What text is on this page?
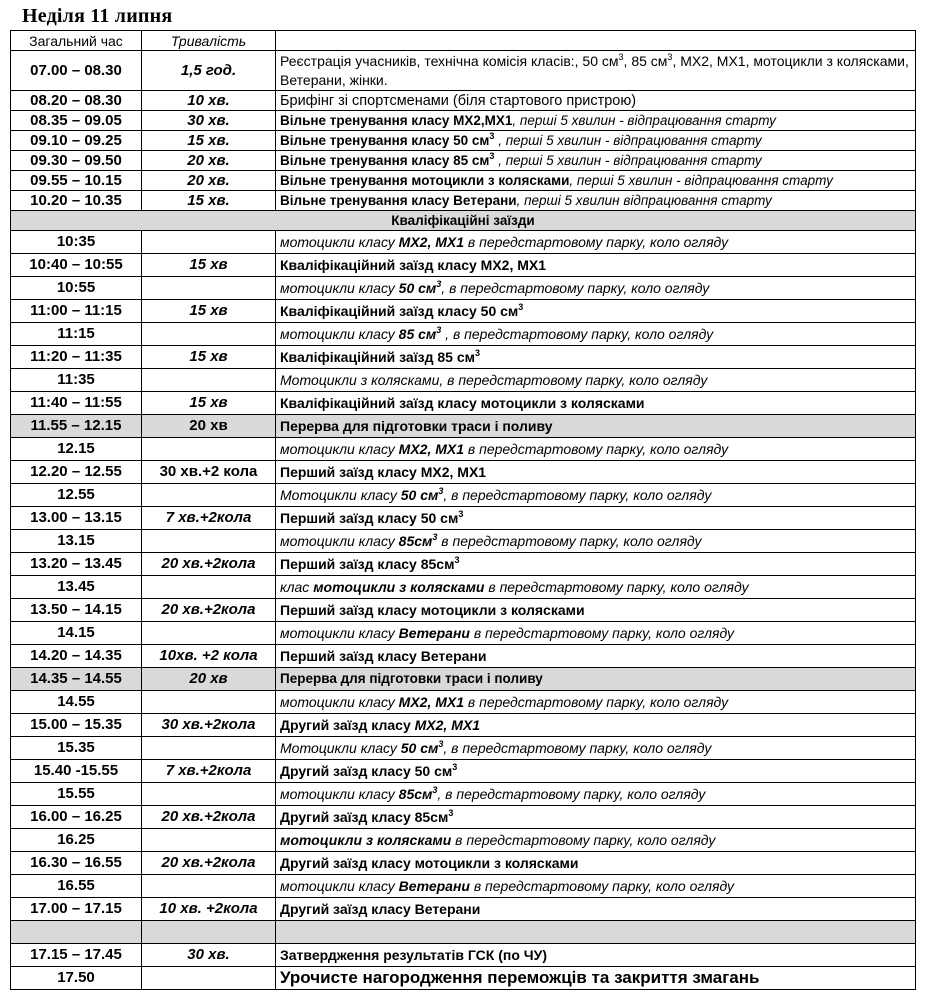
Неділя 11 липня
Загальний час	Тривалість	
07.00 – 08.30	1,5 год.	Реєстрація учасників, технічна комісія класів:, 50 $см^3$, 85 $см^3$, MX2, MX1, мотоцикли з колясками, Ветерани, жінки.
08.20 – 08.30	10 хв.	Брифінг зі спортсменами (біля стартового пристрою)
08.35 – 09.05	30 хв.	Вільне тренування класу МХ2,МХ1, перші 5 хвилин - відпрацювання старту
09.10 – 09.25	15 хв.	Вільне тренування класу 50 $см^3$ , перші 5 хвилин - відпрацювання старту
09.30 – 09.50	20 хв.	Вільне тренування класу 85 $см^3$ , перші 5 хвилин - відпрацювання старту
09.55 – 10.15	20 хв.	Вільне тренування мотоцикли з колясками, перші 5 хвилин - відпрацювання старту
10.20 – 10.35	15 хв.	Вільне тренування класу Ветерани, перші 5 хвилин відпрацювання старту
Кваліфікаційні заїзди		
10:35		мотоцикли класу MX2, MX1 в передстартовому парку, коло огляду
10:40 – 10:55	15 хв	Кваліфікаційний заїзд класу МХ2, МХ1
10:55		мотоцикли класу 50 $см^3$, в передстартовому парку, коло огляду
11:00 – 11:15	15 хв	Кваліфікаційний заїзд класу 50 $см^3$
11:15		мотоцикли класу 85 $см^3$ , в передстартовому парку, коло огляду
11:20 – 11:35	15 хв	Кваліфікаційний заїзд 85 $см^3$
11:35		Мотоцикли з колясками, в передстартовому парку, коло огляду
11:40 – 11:55	15 хв	Кваліфікаційний заїзд класу мотоцикли з колясками
11.55 – 12.15	20 хв	Перерва для підготовки траси і поливу
12.15		мотоцикли класу MX2, MX1 в передстартовому парку, коло огляду
12.20 – 12.55	30 хв.+2 кола	Перший заїзд класу МХ2, МХ1
12.55		Мотоцикли класу 50 $см^3$, в передстартовому парку, коло огляду
13.00 – 13.15	7 хв.+2кола	Перший заїзд класу 50 $см^3$
13.15		мотоцикли класу $85см^3$ в передстартовому парку, коло огляду
13.20 – 13.45	20 хв.+2кола	Перший заїзд класу $85см^3$
13.45		клас мотоцикли з колясками в передстартовому парку, коло огляду
13.50 – 14.15	20 хв.+2кола	Перший заїзд класу мотоцикли з колясками
14.15		мотоцикли класу Ветерани в передстартовому парку, коло огляду
14.20 – 14.35	10хв. +2 кола	Перший заїзд класу Ветерани
14.35 – 14.55	20 хв	Перерва для підготовки траси і поливу
14.55		мотоцикли класу MX2, MX1 в передстартовому парку, коло огляду
15.00 – 15.35	30 хв.+2кола	Другий заїзд класу МХ2, МХ1
15.35		Мотоцикли класу 50 $см^3$, в передстартовому парку, коло огляду
15.40 -15.55	7 хв.+2кола	Другий заїзд класу 50 $см^3$
15.55		мотоцикли класу $85см^3$, в передстартовому парку, коло огляду
16.00 – 16.25	20 хв.+2кола	Другий заїзд класу $85см^3$
16.25		мотоцикли з колясками в передстартовому парку, коло огляду
16.30 – 16.55	20 хв.+2кола	Другий заїзд класу мотоцикли з колясками
16.55		мотоцикли класу Ветерани в передстартовому парку, коло огляду
17.00 – 17.15	10 хв. +2кола	Другий заїзд класу Ветерани

17.15 – 17.45	30 хв.	Затвердження результатів ГСК (по ЧУ)
17.50		Урочисте нагородження переможців та закриття змагань
